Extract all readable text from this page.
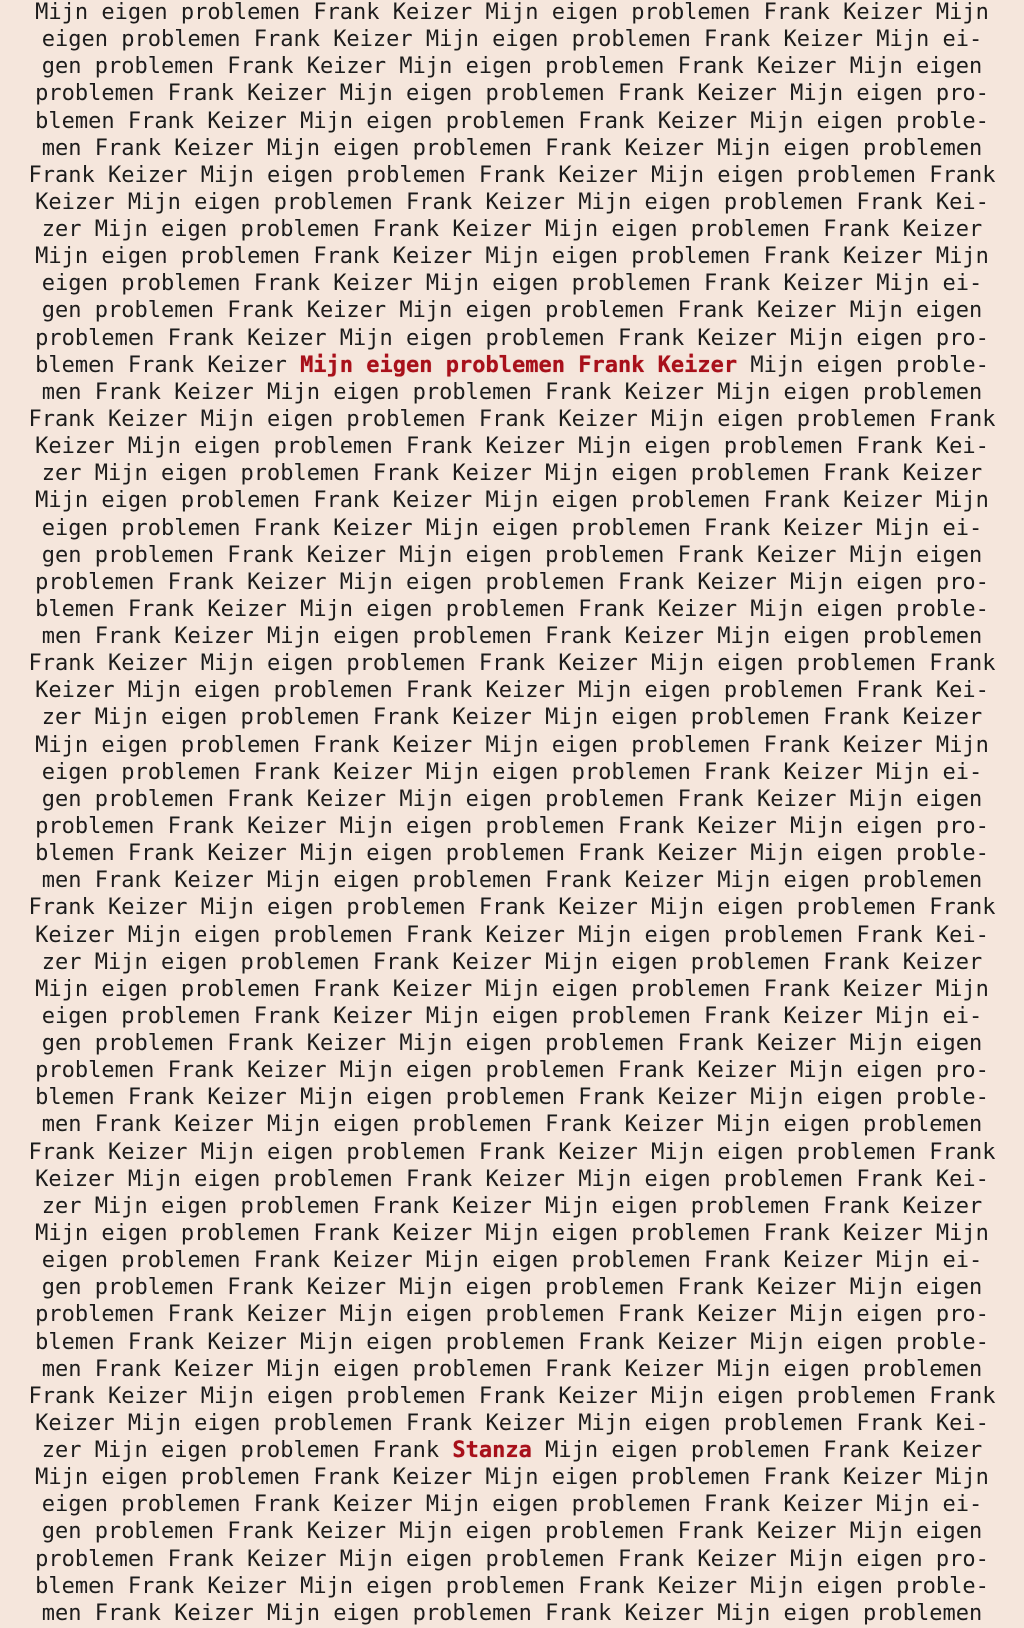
Mijn eigen problemen Frank Keizer Mijn eigen problemen Frank Keizer Mijn
eigen problemen Frank Keizer Mijn eigen problemen Frank Keizer Mijn ei-
gen problemen Frank Keizer Mijn eigen problemen Frank Keizer Mijn eigen
problemen Frank Keizer Mijn eigen problemen Frank Keizer Mijn eigen pro-
blemen Frank Keizer Mijn eigen problemen Frank Keizer Mijn eigen proble-
men Frank Keizer Mijn eigen problemen Frank Keizer Mijn eigen problemen
Frank Keizer Mijn eigen problemen Frank Keizer Mijn eigen problemen Frank
Keizer Mijn eigen problemen Frank Keizer Mijn eigen problemen Frank Kei-
zer Mijn eigen problemen Frank Keizer Mijn eigen problemen Frank Keizer
Mijn eigen problemen Frank Keizer Mijn eigen problemen Frank Keizer Mijn
eigen problemen Frank Keizer Mijn eigen problemen Frank Keizer Mijn ei-
gen problemen Frank Keizer Mijn eigen problemen Frank Keizer Mijn eigen
problemen Frank Keizer Mijn eigen problemen Frank Keizer Mijn eigen pro-
blemen Frank Keizer Mijn eigen problemen Frank Keizer Mijn eigen proble-
men Frank Keizer Mijn eigen problemen Frank Keizer Mijn eigen problemen
Frank Keizer Mijn eigen problemen Frank Keizer Mijn eigen problemen Frank
Keizer Mijn eigen problemen Frank Keizer Mijn eigen problemen Frank Kei-
zer Mijn eigen problemen Frank Keizer Mijn eigen problemen Frank Keizer
Mijn eigen problemen Frank Keizer Mijn eigen problemen Frank Keizer Mijn
eigen problemen Frank Keizer Mijn eigen problemen Frank Keizer Mijn ei-
gen problemen Frank Keizer Mijn eigen problemen Frank Keizer Mijn eigen
problemen Frank Keizer Mijn eigen problemen Frank Keizer Mijn eigen pro-
blemen Frank Keizer Mijn eigen problemen Frank Keizer Mijn eigen proble-
men Frank Keizer Mijn eigen problemen Frank Keizer Mijn eigen problemen
Frank Keizer Mijn eigen problemen Frank Keizer Mijn eigen problemen Frank
Keizer Mijn eigen problemen Frank Keizer Mijn eigen problemen Frank Kei-
zer Mijn eigen problemen Frank Keizer Mijn eigen problemen Frank Keizer
Mijn eigen problemen Frank Keizer Mijn eigen problemen Frank Keizer Mijn
eigen problemen Frank Keizer Mijn eigen problemen Frank Keizer Mijn ei-
gen problemen Frank Keizer Mijn eigen problemen Frank Keizer Mijn eigen
problemen Frank Keizer Mijn eigen problemen Frank Keizer Mijn eigen pro-
blemen Frank Keizer Mijn eigen problemen Frank Keizer Mijn eigen proble-
men Frank Keizer Mijn eigen problemen Frank Keizer Mijn eigen problemen
Frank Keizer Mijn eigen problemen Frank Keizer Mijn eigen problemen Frank
Keizer Mijn eigen problemen Frank Keizer Mijn eigen problemen Frank Kei-
zer Mijn eigen problemen Frank Keizer Mijn eigen problemen Frank Keizer
Mijn eigen problemen Frank Keizer Mijn eigen problemen Frank Keizer Mijn
eigen problemen Frank Keizer Mijn eigen problemen Frank Keizer Mijn ei-
gen problemen Frank Keizer Mijn eigen problemen Frank Keizer Mijn eigen
problemen Frank Keizer Mijn eigen problemen Frank Keizer Mijn eigen pro-
blemen Frank Keizer Mijn eigen problemen Frank Keizer Mijn eigen proble-
men Frank Keizer Mijn eigen problemen Frank Keizer Mijn eigen problemen
Frank Keizer Mijn eigen problemen Frank Keizer Mijn eigen problemen Frank
Keizer Mijn eigen problemen Frank Keizer Mijn eigen problemen Frank Kei-
zer Mijn eigen problemen Frank Keizer Mijn eigen problemen Frank Keizer
Mijn eigen problemen Frank Keizer Mijn eigen problemen Frank Keizer Mijn
eigen problemen Frank Keizer Mijn eigen problemen Frank Keizer Mijn ei-
gen problemen Frank Keizer Mijn eigen problemen Frank Keizer Mijn eigen
problemen Frank Keizer Mijn eigen problemen Frank Keizer Mijn eigen pro-
blemen Frank Keizer Mijn eigen problemen Frank Keizer Mijn eigen proble-
men Frank Keizer Mijn eigen problemen Frank Keizer Mijn eigen problemen
Frank Keizer Mijn eigen problemen Frank Keizer Mijn eigen problemen Frank
Keizer Mijn eigen problemen Frank Keizer Mijn eigen problemen Frank Kei-
zer Mijn eigen problemen Frank Stanza Mijn eigen problemen Frank Keizer
Mijn eigen problemen Frank Keizer Mijn eigen problemen Frank Keizer Mijn
eigen problemen Frank Keizer Mijn eigen problemen Frank Keizer Mijn ei-
gen problemen Frank Keizer Mijn eigen problemen Frank Keizer Mijn eigen
problemen Frank Keizer Mijn eigen problemen Frank Keizer Mijn eigen pro-
blemen Frank Keizer Mijn eigen problemen Frank Keizer Mijn eigen proble-
men Frank Keizer Mijn eigen problemen Frank Keizer Mijn eigen problemen
